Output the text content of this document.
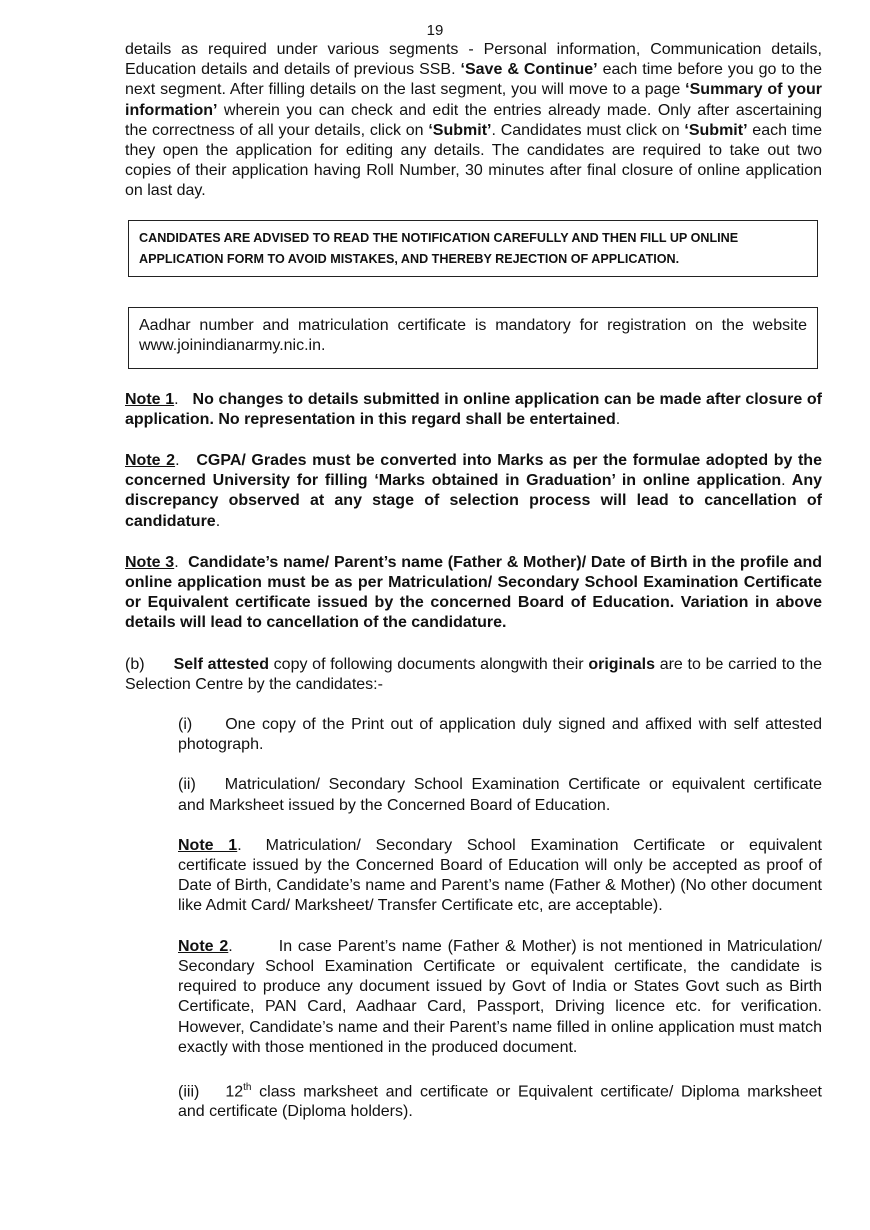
19

details as required under various segments - Personal information, Communication details, Education details and details of previous SSB. ‘Save & Continue’ each time before you go to the next segment. After filling details on the last segment, you will move to a page ‘Summary of your information’ wherein you can check and edit the entries already made. Only after ascertaining the correctness of all your details, click on ‘Submit’. Candidates must click on ‘Submit’ each time they open the application for editing any details. The candidates are required to take out two copies of their application having Roll Number, 30 minutes after final closure of online application on last day.

CANDIDATES ARE ADVISED TO READ THE NOTIFICATION CAREFULLY AND THEN FILL UP ONLINE APPLICATION FORM TO AVOID MISTAKES, AND THEREBY REJECTION OF APPLICATION.

Aadhar number and matriculation certificate is mandatory for registration on the website www.joinindianarmy.nic.in.

Note 1. No changes to details submitted in online application can be made after closure of application. No representation in this regard shall be entertained.

Note 2. CGPA/ Grades must be converted into Marks as per the formulae adopted by the concerned University for filling ‘Marks obtained in Graduation’ in online application. Any discrepancy observed at any stage of selection process will lead to cancellation of candidature.

Note 3. Candidate’s name/ Parent’s name (Father & Mother)/ Date of Birth in the profile and online application must be as per Matriculation/ Secondary School Examination Certificate or Equivalent certificate issued by the concerned Board of Education. Variation in above details will lead to cancellation of the candidature.

(b) Self attested copy of following documents alongwith their originals are to be carried to the Selection Centre by the candidates:-

(i) One copy of the Print out of application duly signed and affixed with self attested photograph.

(ii) Matriculation/ Secondary School Examination Certificate or equivalent certificate and Marksheet issued by the Concerned Board of Education.

Note 1. Matriculation/ Secondary School Examination Certificate or equivalent certificate issued by the Concerned Board of Education will only be accepted as proof of Date of Birth, Candidate’s name and Parent’s name (Father & Mother) (No other document like Admit Card/ Marksheet/ Transfer Certificate etc, are acceptable).

Note 2.	In case Parent’s name (Father & Mother) is not mentioned in Matriculation/ Secondary School Examination Certificate or equivalent certificate, the candidate is required to produce any document issued by Govt of India or States Govt such as Birth Certificate, PAN Card, Aadhaar Card, Passport, Driving licence etc. for verification. However, Candidate’s name and their Parent’s name filled in online application must match exactly with those mentioned in the produced document.

(iii) 12th class marksheet and certificate or Equivalent certificate/ Diploma marksheet and certificate (Diploma holders).
